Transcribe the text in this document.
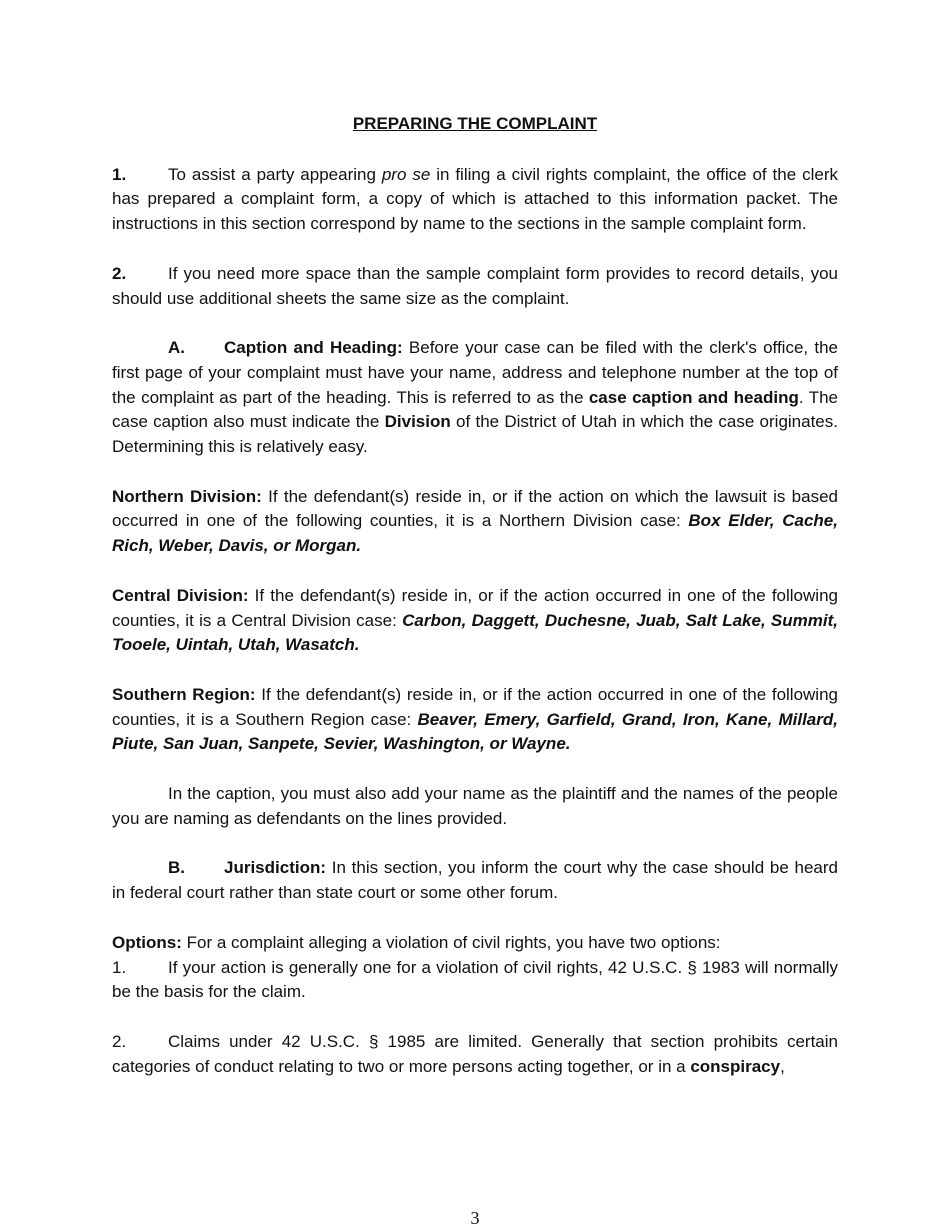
PREPARING THE COMPLAINT

1. To assist a party appearing pro se in filing a civil rights complaint, the office of the clerk has prepared a complaint form, a copy of which is attached to this information packet. The instructions in this section correspond by name to the sections in the sample complaint form.

2. If you need more space than the sample complaint form provides to record details, you should use additional sheets the same size as the complaint.

A. Caption and Heading: Before your case can be filed with the clerk's office, the first page of your complaint must have your name, address and telephone number at the top of the complaint as part of the heading. This is referred to as the case caption and heading. The case caption also must indicate the Division of the District of Utah in which the case originates. Determining this is relatively easy.

Northern Division: If the defendant(s) reside in, or if the action on which the lawsuit is based occurred in one of the following counties, it is a Northern Division case: Box Elder, Cache, Rich, Weber, Davis, or Morgan.

Central Division: If the defendant(s) reside in, or if the action occurred in one of the following counties, it is a Central Division case: Carbon, Daggett, Duchesne, Juab, Salt Lake, Summit, Tooele, Uintah, Utah, Wasatch.

Southern Region: If the defendant(s) reside in, or if the action occurred in one of the following counties, it is a Southern Region case: Beaver, Emery, Garfield, Grand, Iron, Kane, Millard, Piute, San Juan, Sanpete, Sevier, Washington, or Wayne.

In the caption, you must also add your name as the plaintiff and the names of the people you are naming as defendants on the lines provided.

B. Jurisdiction: In this section, you inform the court why the case should be heard in federal court rather than state court or some other forum.

Options: For a complaint alleging a violation of civil rights, you have two options:

1. If your action is generally one for a violation of civil rights, 42 U.S.C. § 1983 will normally be the basis for the claim.

2. Claims under 42 U.S.C. § 1985 are limited. Generally that section prohibits certain categories of conduct relating to two or more persons acting together, or in a conspiracy,

3
